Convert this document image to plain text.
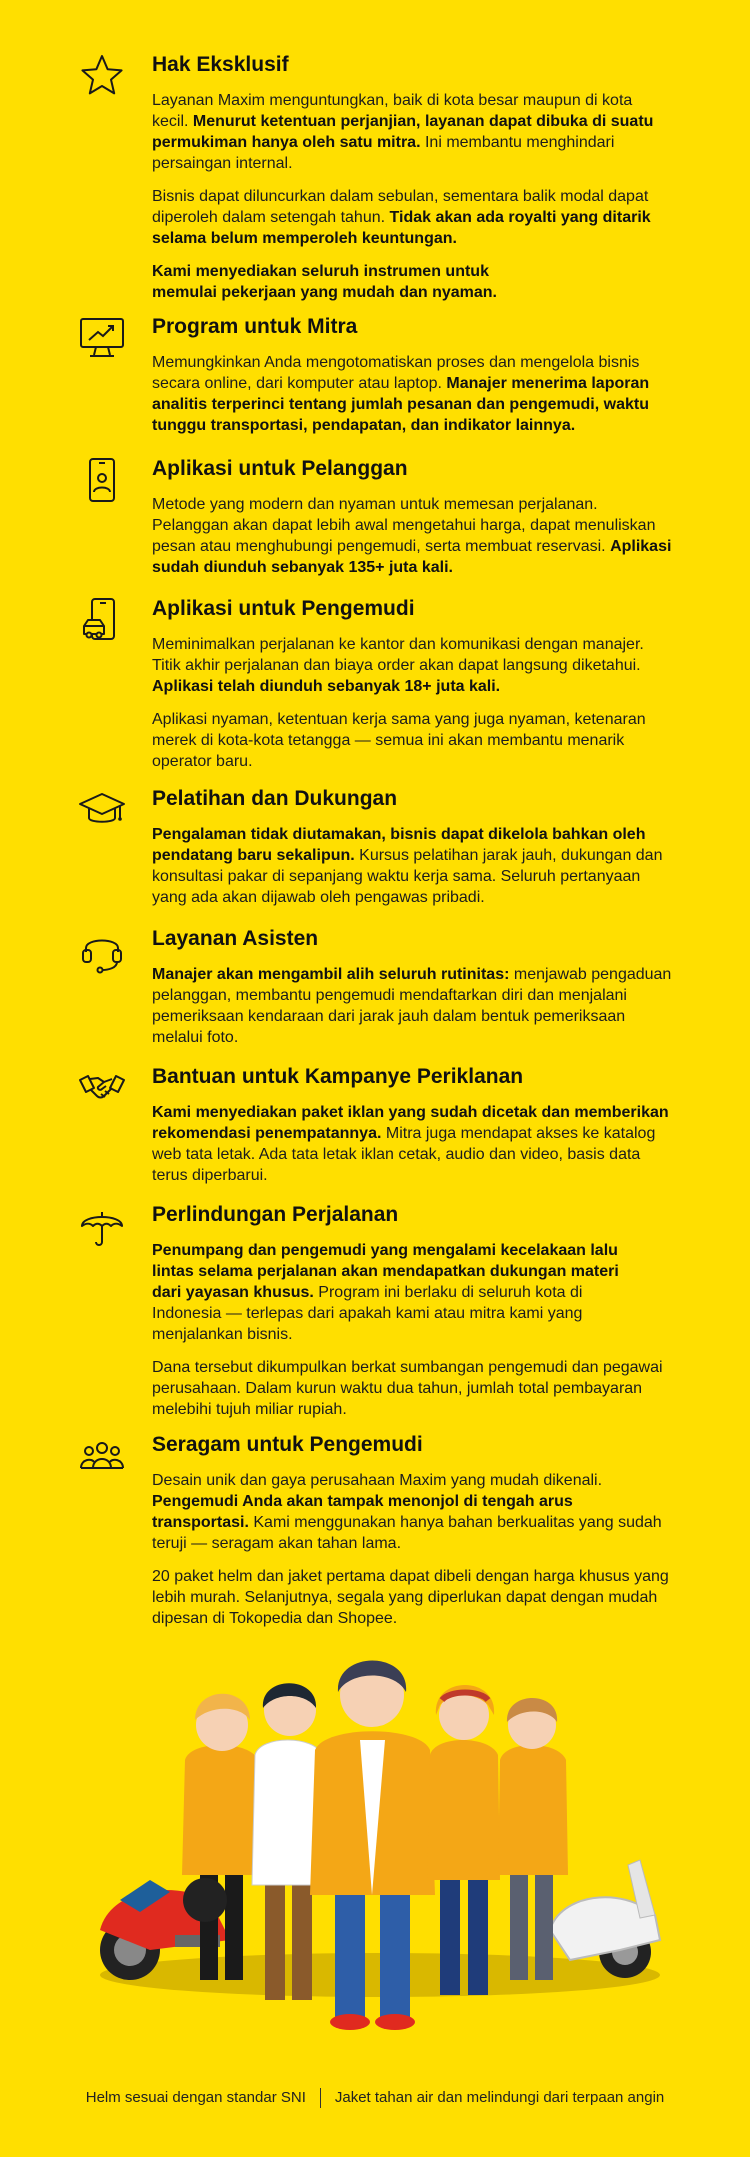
Hak Eksklusif

Layanan Maxim menguntungkan, baik di kota besar maupun di kota kecil. Menurut ketentuan perjanjian, layanan dapat dibuka di suatu permukiman hanya oleh satu mitra. Ini membantu menghindari persaingan internal.

Bisnis dapat diluncurkan dalam sebulan, sementara balik modal dapat diperoleh dalam setengah tahun. Tidak akan ada royalti yang ditarik selama belum memperoleh keuntungan.

Kami menyediakan seluruh instrumen untuk memulai pekerjaan yang mudah dan nyaman.

Program untuk Mitra

Memungkinkan Anda mengotomatiskan proses dan mengelola bisnis secara online, dari komputer atau laptop. Manajer menerima laporan analitis terperinci tentang jumlah pesanan dan pengemudi, waktu tunggu transportasi, pendapatan, dan indikator lainnya.

Aplikasi untuk Pelanggan

Metode yang modern dan nyaman untuk memesan perjalanan. Pelanggan akan dapat lebih awal mengetahui harga, dapat menuliskan pesan atau menghubungi pengemudi, serta membuat reservasi. Aplikasi sudah diunduh sebanyak 135+ juta kali.

Aplikasi untuk Pengemudi

Meminimalkan perjalanan ke kantor dan komunikasi dengan manajer. Titik akhir perjalanan dan biaya order akan dapat langsung diketahui. Aplikasi telah diunduh sebanyak 18+ juta kali.

Aplikasi nyaman, ketentuan kerja sama yang juga nyaman, ketenaran merek di kota-kota tetangga — semua ini akan membantu menarik operator baru.

Pelatihan dan Dukungan

Pengalaman tidak diutamakan, bisnis dapat dikelola bahkan oleh pendatang baru sekalipun. Kursus pelatihan jarak jauh, dukungan dan konsultasi pakar di sepanjang waktu kerja sama. Seluruh pertanyaan yang ada akan dijawab oleh pengawas pribadi.

Layanan Asisten

Manajer akan mengambil alih seluruh rutinitas: menjawab pengaduan pelanggan, membantu pengemudi mendaftarkan diri dan menjalani pemeriksaan kendaraan dari jarak jauh dalam bentuk pemeriksaan melalui foto.

Bantuan untuk Kampanye Periklanan

Kami menyediakan paket iklan yang sudah dicetak dan memberikan rekomendasi penempatannya. Mitra juga mendapat akses ke katalog web tata letak. Ada tata letak iklan cetak, audio dan video, basis data terus diperbarui.

Perlindungan Perjalanan

Penumpang dan pengemudi yang mengalami kecelakaan lalu lintas selama perjalanan akan mendapatkan dukungan materi dari yayasan khusus. Program ini berlaku di seluruh kota di Indonesia — terlepas dari apakah kami atau mitra kami yang menjalankan bisnis.

Dana tersebut dikumpulkan berkat sumbangan pengemudi dan pegawai perusahaan. Dalam kurun waktu dua tahun, jumlah total pembayaran melebihi tujuh miliar rupiah.

Seragam untuk Pengemudi

Desain unik dan gaya perusahaan Maxim yang mudah dikenali. Pengemudi Anda akan tampak menonjol di tengah arus transportasi. Kami menggunakan hanya bahan berkualitas yang sudah teruji — seragam akan tahan lama.

20 paket helm dan jaket pertama dapat dibeli dengan harga khusus yang lebih murah. Selanjutnya, segala yang diperlukan dapat dengan mudah dipesan di Tokopedia dan Shopee.

Helm sesuai dengan standar SNI Jaket tahan air dan melindungi dari terpaan angin
